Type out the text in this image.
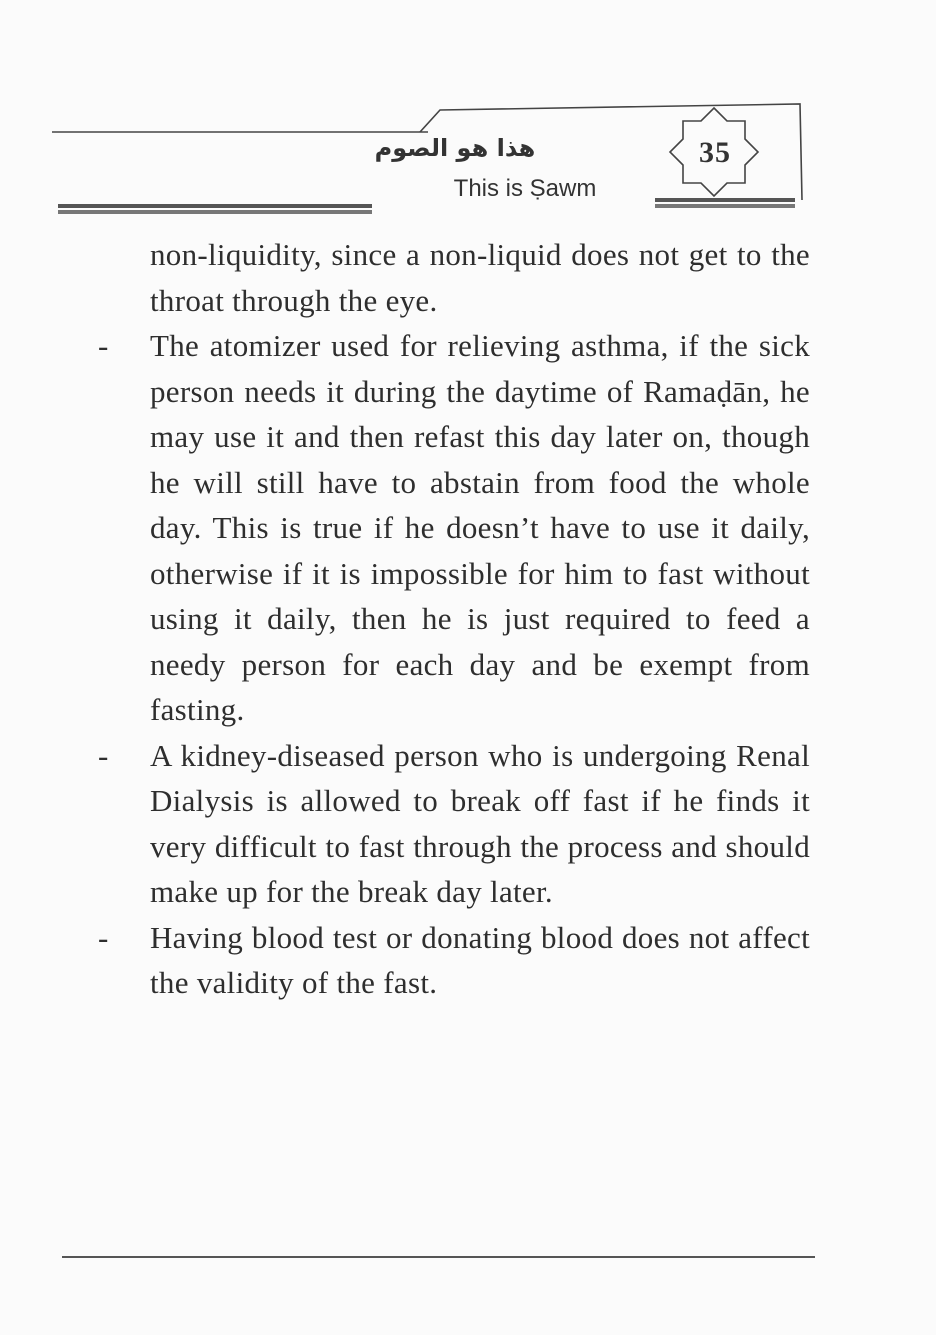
35
هذا هو الصوم
This is Ṣawm

non-liquidity, since a non-liquid does not get to the throat through the eye.

-	The atomizer used for relieving asthma, if the sick person needs it during the daytime of Ramaḍān, he may use it and then refast this day later on, though he will still have to abstain from food the whole day. This is true if he doesn’t have to use it daily, otherwise if it is impossible for him to fast without using it daily, then he is just required to feed a needy person for each day and be exempt from fasting.

-	A kidney-diseased person who is undergoing Renal Dialysis is allowed to break off fast if he finds it very difficult to fast through the process and should make up for the break day later.

-	Having blood test or donating blood does not affect the validity of the fast.
